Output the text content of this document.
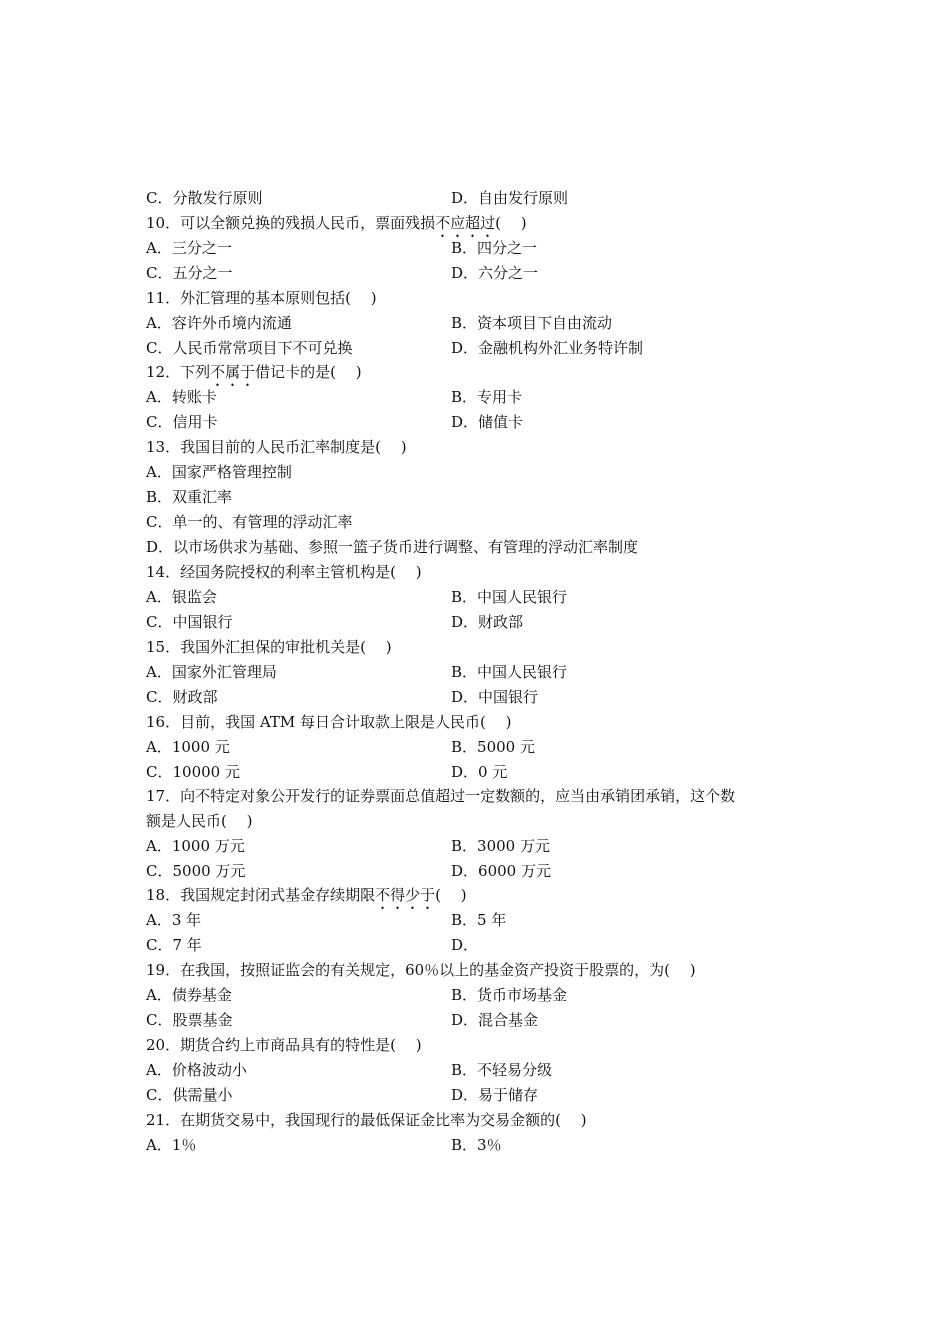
C．分散发行原则	D．自由发行原则
10．可以全额兑换的残损人民币，票面残损不应超过(　 )
A．三分之一	B．四分之一
C．五分之一	D．六分之一
11．外汇管理的基本原则包括(　 )
A．容许外币境内流通	B．资本项目下自由流动
C．人民币常常项目下不可兑换	D．金融机构外汇业务特许制
12．下列不属于借记卡的是(　 )
A．转账卡	B．专用卡
C．信用卡	D．储值卡
13．我国目前的人民币汇率制度是(　 )
A．国家严格管理控制
B．双重汇率
C．单一的、有管理的浮动汇率
D．以市场供求为基础、参照一篮子货币进行调整、有管理的浮动汇率制度
14．经国务院授权的利率主管机构是(　 )
A．银监会	B．中国人民银行
C．中国银行	D．财政部
15．我国外汇担保的审批机关是(　 )
A．国家外汇管理局	B．中国人民银行
C．财政部	D．中国银行
16．目前，我国 ATM 每日合计取款上限是人民币(　 )
A．1000 元	B．5000 元
C．10000 元	D．0 元
17．向不特定对象公开发行的证券票面总值超过一定数额的，应当由承销团承销，这个数
额是人民币(　 )
A．1000 万元	B．3000 万元
C．5000 万元	D．6000 万元
18．我国规定封闭式基金存续期限不得少于(　 )
A．3 年	B．5 年
C．7 年	D．
19．在我国，按照证监会的有关规定，60％以上的基金资产投资于股票的，为(　 )
A．债券基金	B．货币市场基金
C．股票基金	D．混合基金
20．期货合约上市商品具有的特性是(　 )
A．价格波动小	B．不轻易分级
C．供需量小	D．易于储存
21．在期货交易中，我国现行的最低保证金比率为交易金额的(　 )
A．1％	B．3％
